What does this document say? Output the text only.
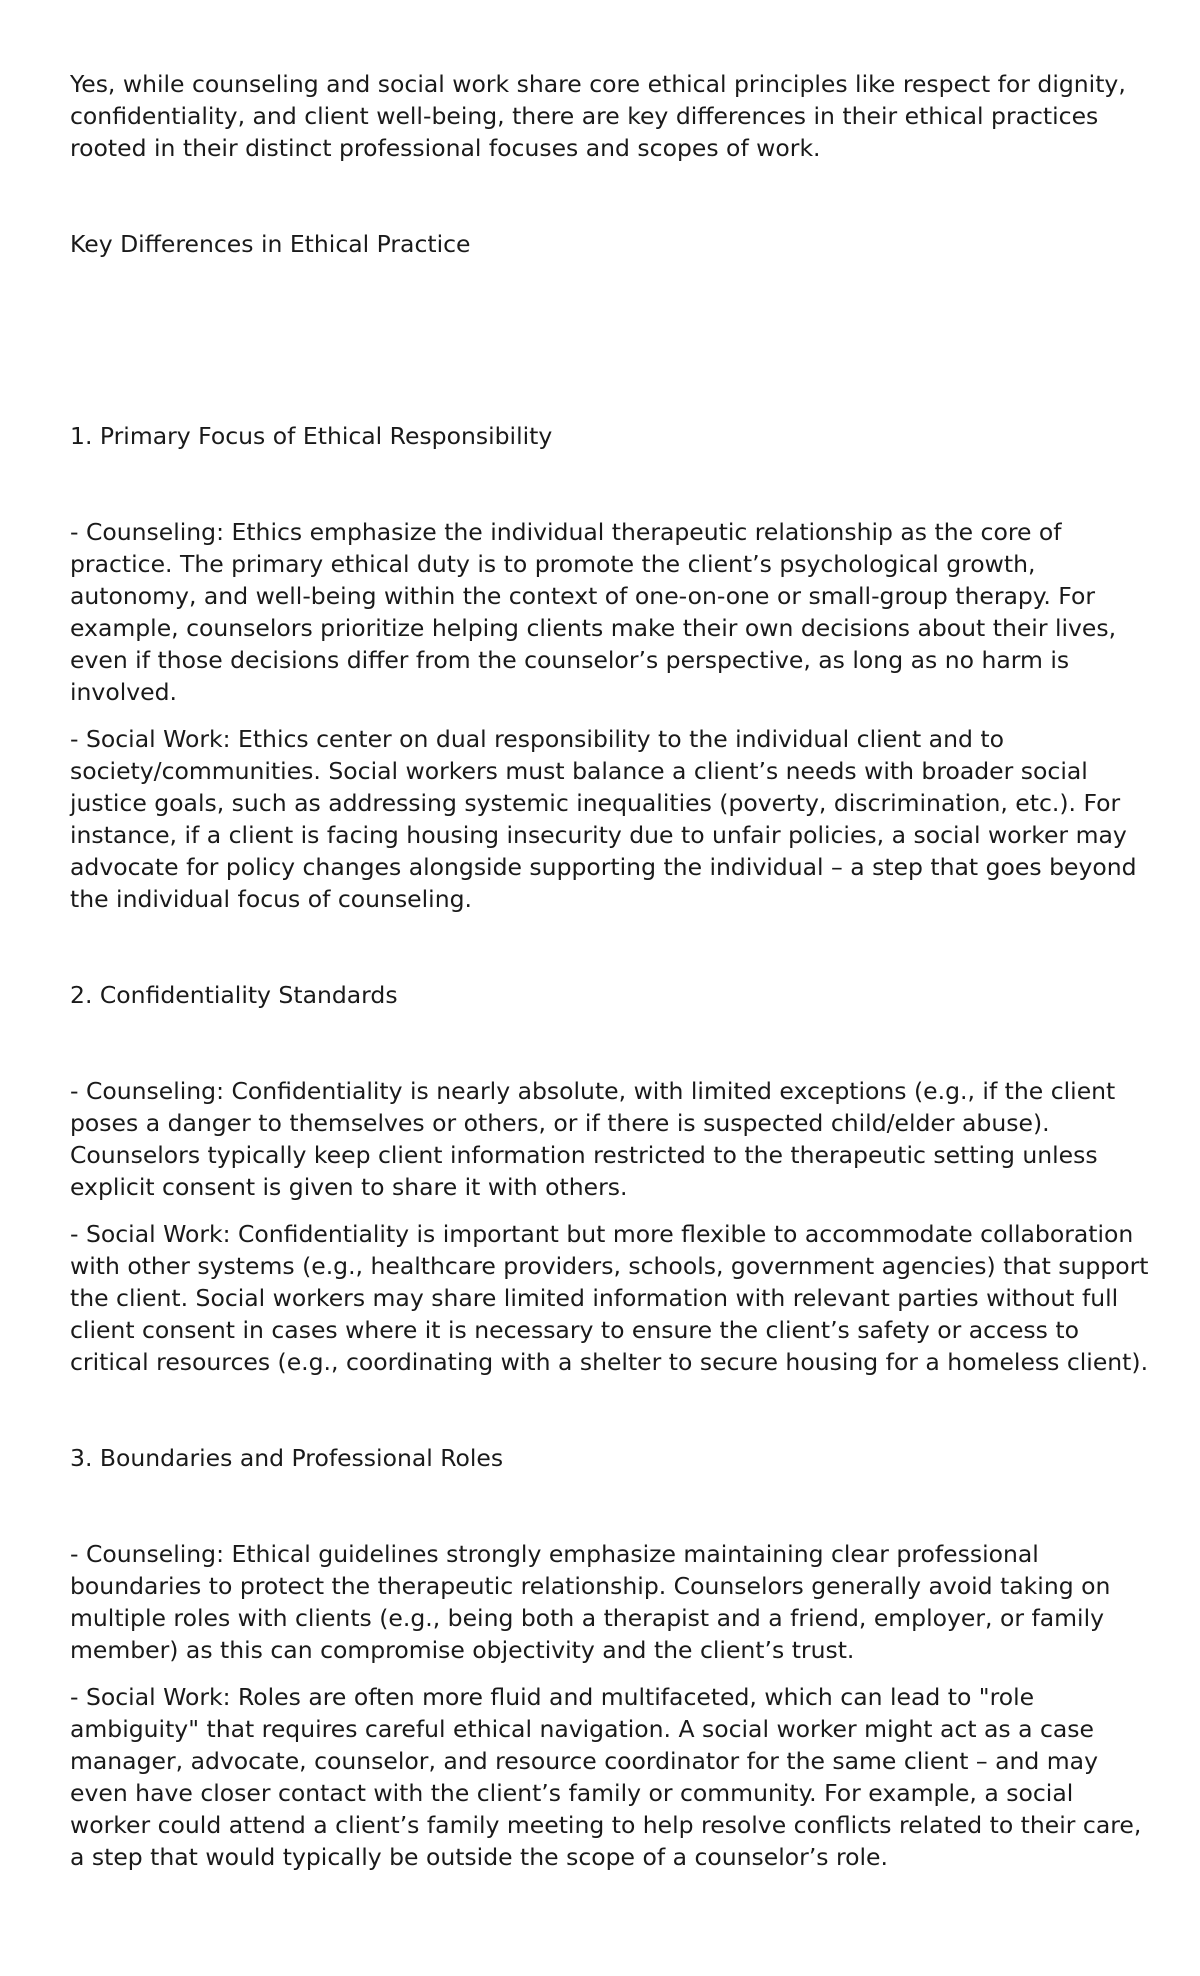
Yes, while counseling and social work share core ethical principles like respect for dignity, confidentiality, and client well-being, there are key differences in their ethical practices rooted in their distinct professional focuses and scopes of work.

Key Differences in Ethical Practice

1. Primary Focus of Ethical Responsibility

- Counseling: Ethics emphasize the individual therapeutic relationship as the core of practice. The primary ethical duty is to promote the client’s psychological growth, autonomy, and well-being within the context of one-on-one or small-group therapy. For example, counselors prioritize helping clients make their own decisions about their lives, even if those decisions differ from the counselor’s perspective, as long as no harm is involved.

- Social Work: Ethics center on dual responsibility to the individual client and to society/communities. Social workers must balance a client’s needs with broader social justice goals, such as addressing systemic inequalities (poverty, discrimination, etc.). For instance, if a client is facing housing insecurity due to unfair policies, a social worker may advocate for policy changes alongside supporting the individual – a step that goes beyond the individual focus of counseling.

2. Confidentiality Standards

- Counseling: Confidentiality is nearly absolute, with limited exceptions (e.g., if the client poses a danger to themselves or others, or if there is suspected child/elder abuse). Counselors typically keep client information restricted to the therapeutic setting unless explicit consent is given to share it with others.

- Social Work: Confidentiality is important but more flexible to accommodate collaboration with other systems (e.g., healthcare providers, schools, government agencies) that support the client. Social workers may share limited information with relevant parties without full client consent in cases where it is necessary to ensure the client’s safety or access to critical resources (e.g., coordinating with a shelter to secure housing for a homeless client).

3. Boundaries and Professional Roles

- Counseling: Ethical guidelines strongly emphasize maintaining clear professional boundaries to protect the therapeutic relationship. Counselors generally avoid taking on multiple roles with clients (e.g., being both a therapist and a friend, employer, or family member) as this can compromise objectivity and the client’s trust.

- Social Work: Roles are often more fluid and multifaceted, which can lead to "role ambiguity" that requires careful ethical navigation. A social worker might act as a case manager, advocate, counselor, and resource coordinator for the same client – and may even have closer contact with the client’s family or community. For example, a social worker could attend a client’s family meeting to help resolve conflicts related to their care, a step that would typically be outside the scope of a counselor’s role.
